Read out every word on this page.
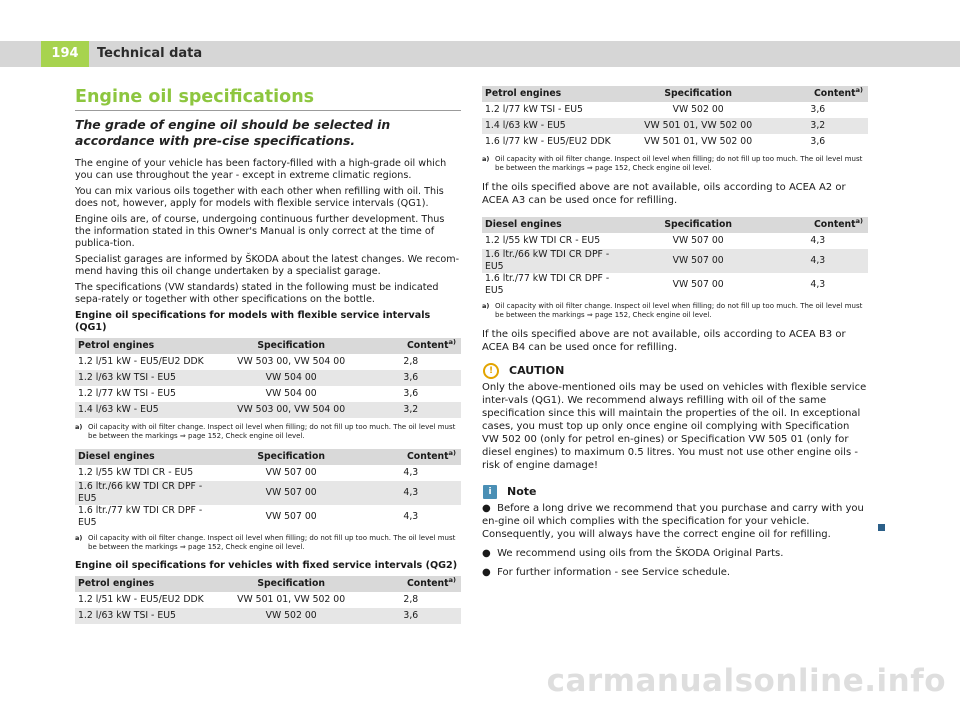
194	Technical data
Engine oil specifications

The grade of engine oil should be selected in accordance with pre-cise specifications.

The engine of your vehicle has been factory-filled with a high-grade oil which you can use throughout the year - except in extreme climatic regions.

You can mix various oils together with each other when refilling with oil. This does not, however, apply for models with flexible service intervals (QG1).

Engine oils are, of course, undergoing continuous further development. Thus the information stated in this Owner's Manual is only correct at the time of publica-tion.

Specialist garages are informed by ŠKODA about the latest changes. We recom-mend having this oil change undertaken by a specialist garage.

The specifications (VW standards) stated in the following must be indicated sepa-rately or together with other specifications on the bottle.

Engine oil specifications for models with flexible service intervals (QG1)

Petrol engines	Specification	Content$^{a)}$
1.2 l/51 kW - EU5/EU2 DDK	VW 503 00, VW 504 00	2,8
1.2 l/63 kW TSI - EU5	VW 504 00	3,6
1.2 l/77 kW TSI - EU5	VW 504 00	3,6
1.4 l/63 kW - EU5	VW 503 00, VW 504 00	3,2
a) Oil capacity with oil filter change. Inspect oil level when filling; do not fill up too much. The oil level must be between the markings ⇒ page 152, Check engine oil level.
Diesel engines	Specification	Content$^{a)}$
1.2 l/55 kW TDI CR - EU5	VW 507 00	4,3
1.6 ltr./66 kW TDI CR DPF - EU5	VW 507 00	4,3
1.6 ltr./77 kW TDI CR DPF - EU5	VW 507 00	4,3
a) Oil capacity with oil filter change. Inspect oil level when filling; do not fill up too much. The oil level must be between the markings ⇒ page 152, Check engine oil level.

Engine oil specifications for vehicles with fixed service intervals (QG2)

Petrol engines	Specification	Content$^{a)}$
1.2 l/51 kW - EU5/EU2 DDK	VW 501 01, VW 502 00	2,8
1.2 l/63 kW TSI - EU5	VW 502 00	3,6
Petrol engines	Specification	Content$^{a)}$
1.2 l/77 kW TSI - EU5	VW 502 00	3,6
1.4 l/63 kW - EU5	VW 501 01, VW 502 00	3,2
1.6 l/77 kW - EU5/EU2 DDK	VW 501 01, VW 502 00	3,6
a) Oil capacity with oil filter change. Inspect oil level when filling; do not fill up too much. The oil level must be between the markings ⇒ page 152, Check engine oil level.

If the oils specified above are not available, oils according to ACEA A2 or ACEA A3 can be used once for refilling.

Diesel engines	Specification	Content$^{a)}$
1.2 l/55 kW TDI CR - EU5	VW 507 00	4,3
1.6 ltr./66 kW TDI CR DPF - EU5	VW 507 00	4,3
1.6 ltr./77 kW TDI CR DPF - EU5	VW 507 00	4,3
a) Oil capacity with oil filter change. Inspect oil level when filling; do not fill up too much. The oil level must be between the markings ⇒ page 152, Check engine oil level.

If the oils specified above are not available, oils according to ACEA B3 or ACEA B4 can be used once for refilling.

!	CAUTION

Only the above-mentioned oils may be used on vehicles with flexible service inter-vals (QG1). We recommend always refilling with oil of the same specification since this will maintain the properties of the oil. In exceptional cases, you must top up only once engine oil complying with Specification VW 502 00 (only for petrol en-gines) or Specification VW 505 01 (only for diesel engines) to maximum 0.5 litres. You must not use other engine oils - risk of engine damage!

i	Note
●  Before a long drive we recommend that you purchase and carry with you en-gine oil which complies with the specification for your vehicle. Consequently, you will always have the correct engine oil for refilling.
●  We recommend using oils from the ŠKODA Original Parts.
●  For further information - see Service schedule.
carmanualsonline.info
